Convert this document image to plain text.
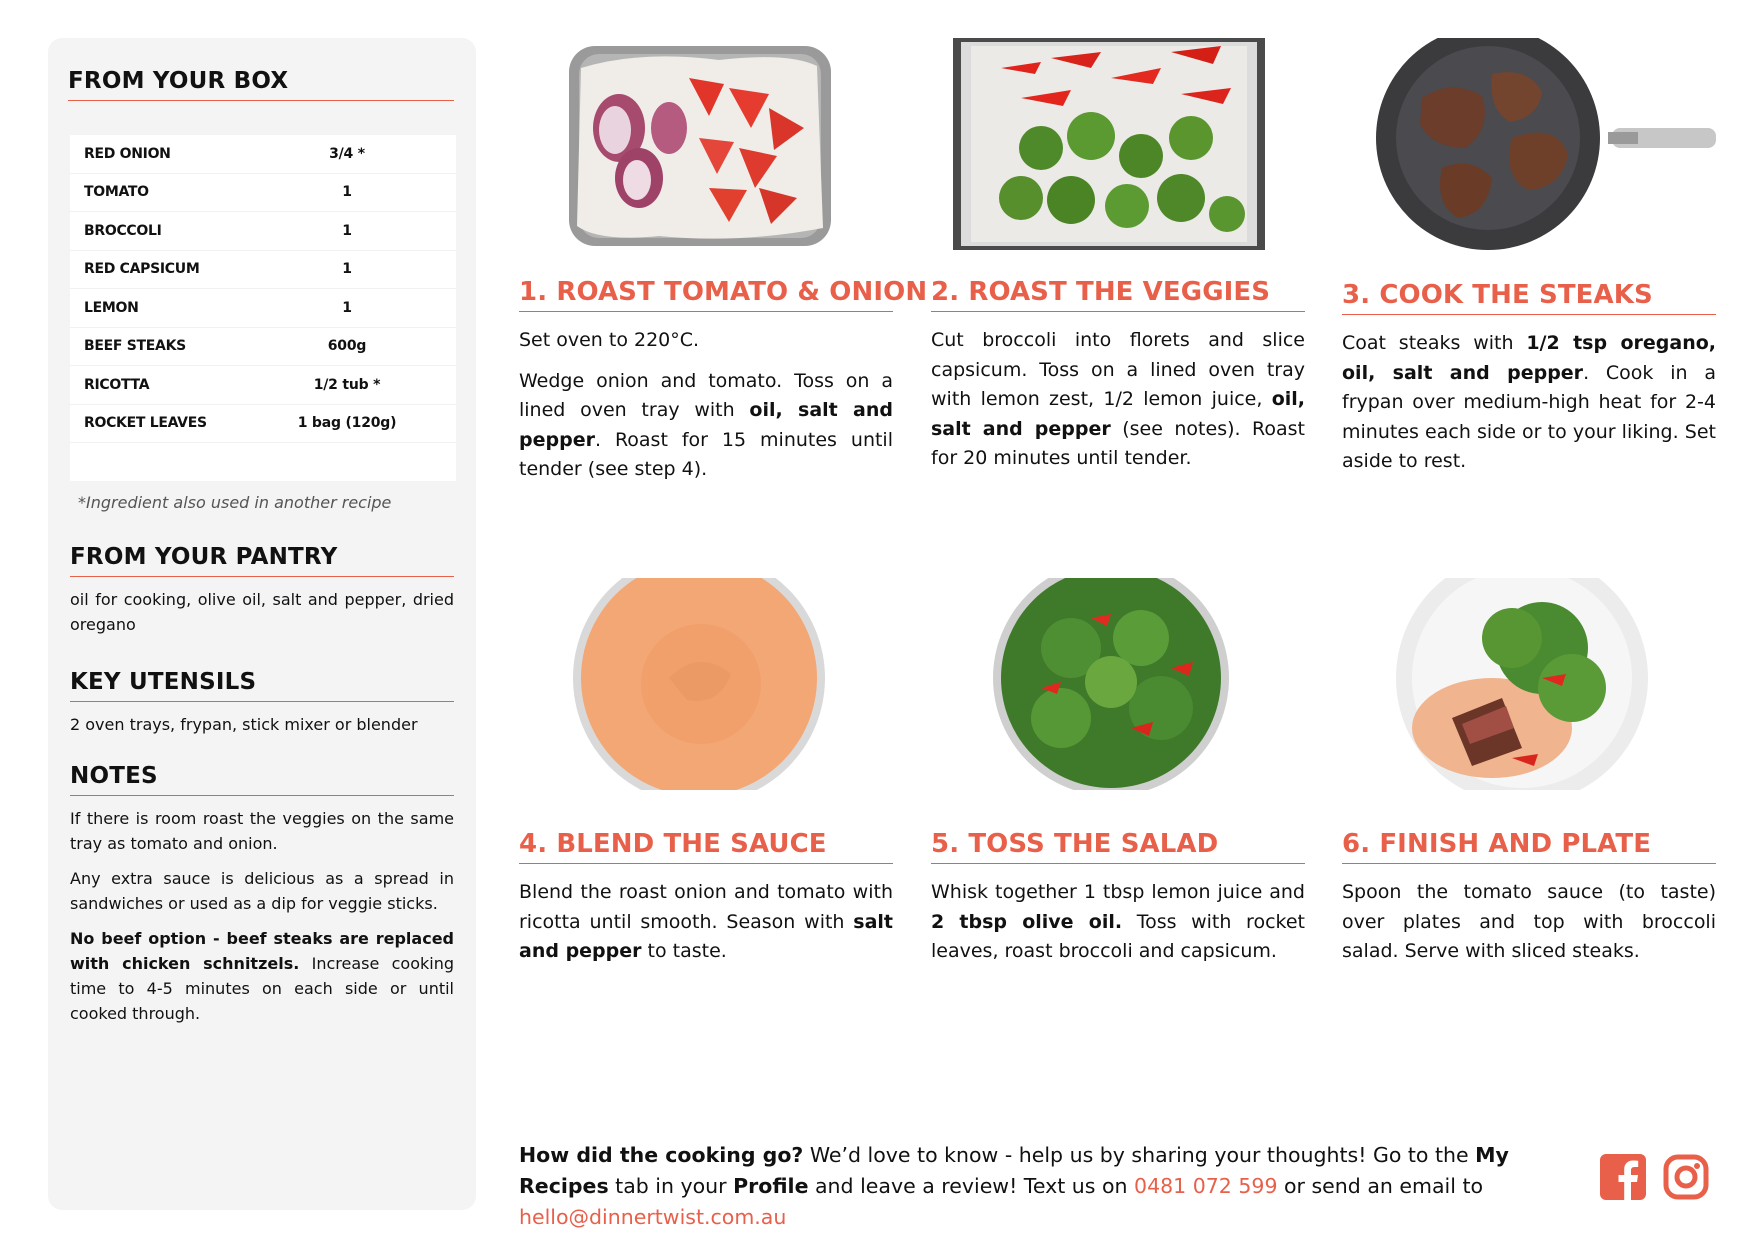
FROM YOUR BOX
RED ONION	3/4 *
TOMATO	1
BROCCOLI	1
RED CAPSICUM	1
LEMON	1
BEEF STEAKS	600g
RICOTTA	1/2 tub *
ROCKET LEAVES	1 bag (120g)
*Ingredient also used in another recipe
FROM YOUR PANTRY
oil for cooking, olive oil, salt and pepper, dried oregano
KEY UTENSILS
2 oven trays, frypan, stick mixer or blender
NOTES
If there is room roast the veggies on the same tray as tomato and onion.
Any extra sauce is delicious as a spread in sandwiches or used as a dip for veggie sticks.
No beef option - beef steaks are replaced with chicken schnitzels. Increase cooking time to 4-5 minutes on each side or until cooked through.
1. ROAST TOMATO & ONION

Set oven to 220°C.

Wedge onion and tomato. Toss on a lined oven tray with oil, salt and pepper. Roast for 15 minutes until tender (see step 4).

2. ROAST THE VEGGIES

Cut broccoli into florets and slice capsicum. Toss on a lined oven tray with lemon zest, 1/2 lemon juice, oil, salt and pepper (see notes). Roast for 20 minutes until tender.

3. COOK THE STEAKS

Coat steaks with 1/2 tsp oregano, oil, salt and pepper. Cook in a frypan over medium-high heat for 2-4 minutes each side or to your liking. Set aside to rest.

4. BLEND THE SAUCE

Blend the roast onion and tomato with ricotta until smooth. Season with salt and pepper to taste.

5. TOSS THE SALAD

Whisk together 1 tbsp lemon juice and 2 tbsp olive oil. Toss with rocket leaves, roast broccoli and capsicum.

6. FINISH AND PLATE

Spoon the tomato sauce (to taste) over plates and top with broccoli salad. Serve with sliced steaks.

How did the cooking go? We’d love to know - help us by sharing your thoughts! Go to the My Recipes tab in your Profile and leave a review! Text us on 0481 072 599 or send an email to hello@dinnertwist.com.au
